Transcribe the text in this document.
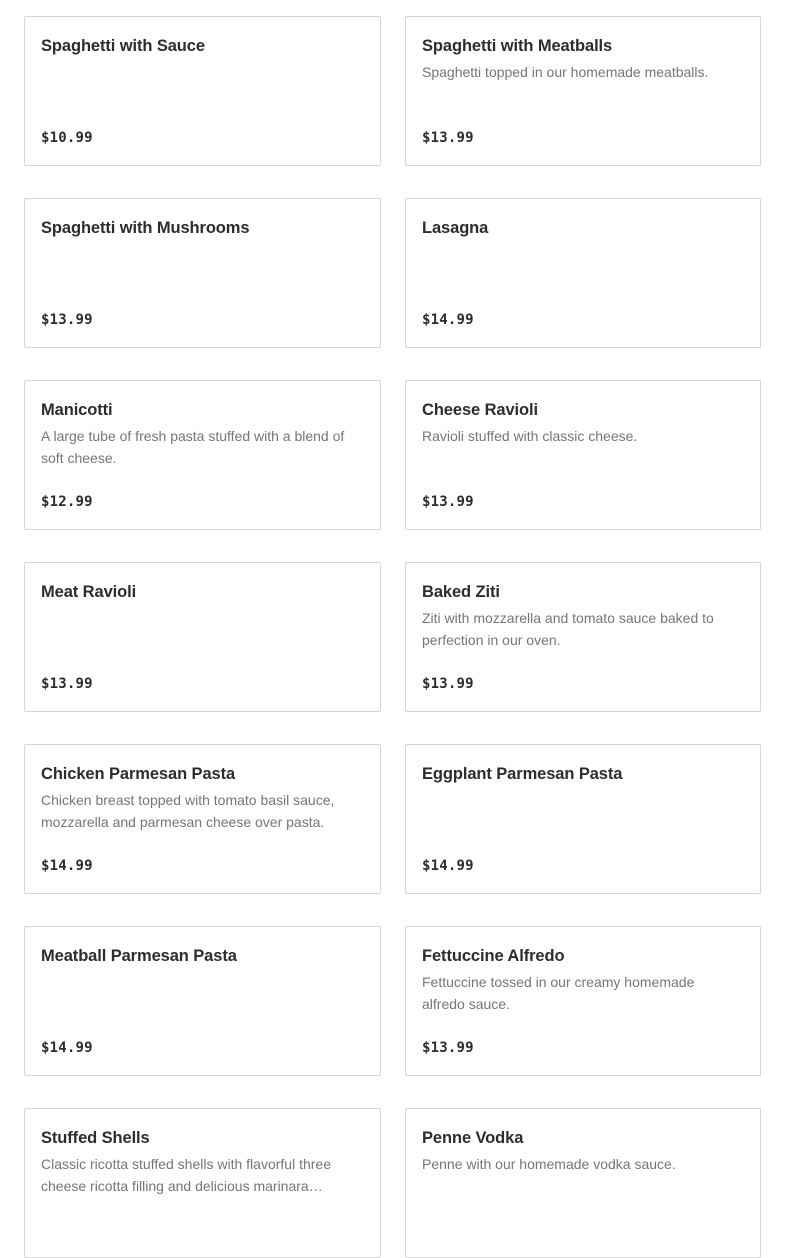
Spaghetti with Sauce
$10.99
Spaghetti with Meatballs
Spaghetti topped in our homemade meatballs.
$13.99
Spaghetti with Mushrooms
$13.99
Lasagna
$14.99
Manicotti
A large tube of fresh pasta stuffed with a blend of soft cheese.
$12.99
Cheese Ravioli
Ravioli stuffed with classic cheese.
$13.99
Meat Ravioli
$13.99
Baked Ziti
Ziti with mozzarella and tomato sauce baked to perfection in our oven.
$13.99
Chicken Parmesan Pasta
Chicken breast topped with tomato basil sauce, mozzarella and parmesan cheese over pasta.
$14.99
Eggplant Parmesan Pasta
$14.99
Meatball Parmesan Pasta
$14.99
Fettuccine Alfredo
Fettuccine tossed in our creamy homemade alfredo sauce.
$13.99
Stuffed Shells
Classic ricotta stuffed shells with flavorful three cheese ricotta filling and delicious marinara…
Penne Vodka
Penne with our homemade vodka sauce.
